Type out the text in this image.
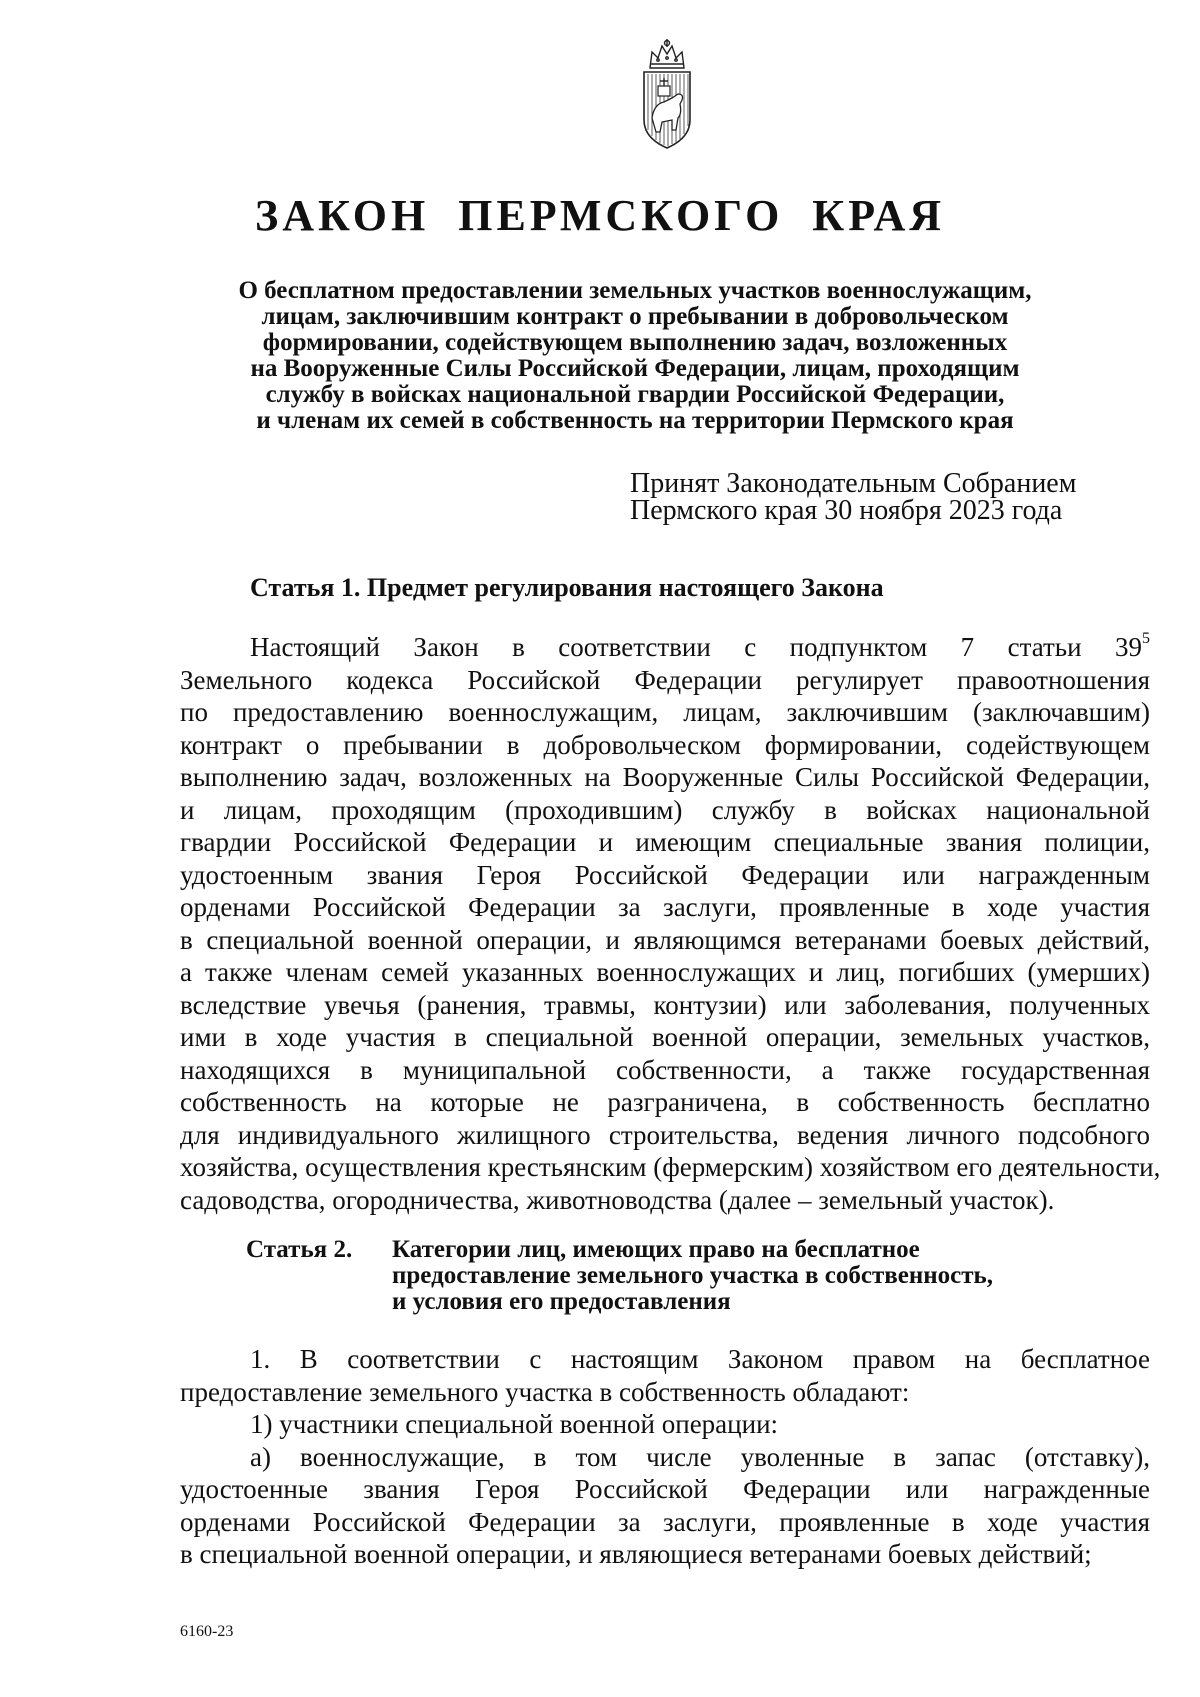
ЗАКОН ПЕРМСКОГО КРАЯ
О бесплатном предоставлении земельных участков военнослужащим,
лицам, заключившим контракт о пребывании в добровольческом
формировании, содействующем выполнению задач, возложенных
на Вооруженные Силы Российской Федерации, лицам, проходящим
службу в войсках национальной гвардии Российской Федерации,
и членам их семей в собственность на территории Пермского края
Принят Законодательным Собранием
Пермского края 30 ноября 2023 года
Статья 1. Предмет регулирования настоящего Закона
Настоящий Закон в соответствии с подпунктом 7 статьи $39^5$
Земельного кодекса Российской Федерации регулирует правоотношения
по предоставлению военнослужащим, лицам, заключившим (заключавшим)
контракт о пребывании в добровольческом формировании, содействующем
выполнению задач, возложенных на Вооруженные Силы Российской Федерации,
и лицам, проходящим (проходившим) службу в войсках национальной
гвардии Российской Федерации и имеющим специальные звания полиции,
удостоенным звания Героя Российской Федерации или награжденным
орденами Российской Федерации за заслуги, проявленные в ходе участия
в специальной военной операции, и являющимся ветеранами боевых действий,
а также членам семей указанных военнослужащих и лиц, погибших (умерших)
вследствие увечья (ранения, травмы, контузии) или заболевания, полученных
ими в ходе участия в специальной военной операции, земельных участков,
находящихся в муниципальной собственности, а также государственная
собственность на которые не разграничена, в собственность бесплатно
для индивидуального жилищного строительства, ведения личного подсобного
хозяйства, осуществления крестьянским (фермерским) хозяйством его деятельности,
садоводства, огородничества, животноводства (далее – земельный участок).
Статья 2. Категории лиц, имеющих право на бесплатное
предоставление земельного участка в собственность,
и условия его предоставления
1. В соответствии с настоящим Законом правом на бесплатное
предоставление земельного участка в собственность обладают:
1) участники специальной военной операции:
а) военнослужащие, в том числе уволенные в запас (отставку),
удостоенные звания Героя Российской Федерации или награжденные
орденами Российской Федерации за заслуги, проявленные в ходе участия
в специальной военной операции, и являющиеся ветеранами боевых действий;
6160-23
